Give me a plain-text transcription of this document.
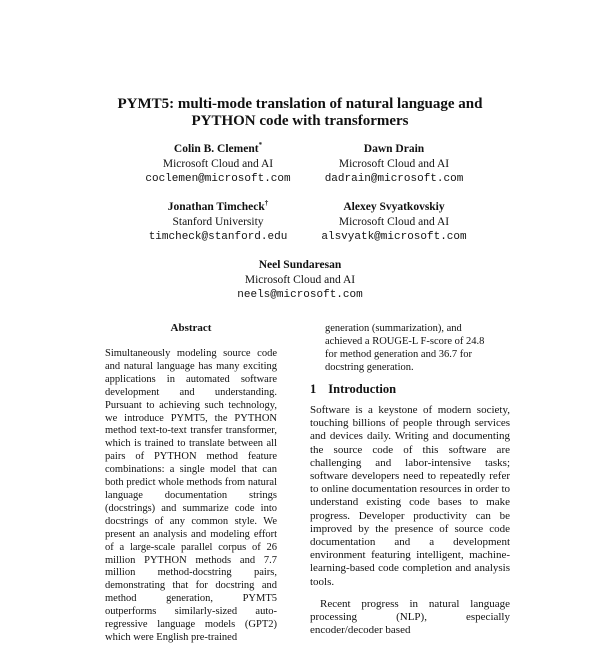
PYMT5: multi-mode translation of natural language and
PYTHON code with transformers
Colin B. Clement*
Microsoft Cloud and AI
coclemen@microsoft.com
Dawn Drain
Microsoft Cloud and AI
dadrain@microsoft.com
Jonathan Timcheck†
Stanford University
timcheck@stanford.edu
Alexey Svyatkovskiy
Microsoft Cloud and AI
alsvyatk@microsoft.com
Neel Sundaresan
Microsoft Cloud and AI
neels@microsoft.com
Abstract
Simultaneously modeling source code and natural language has many exciting applications in automated software development and understanding. Pursuant to achieving such technology, we introduce PYMT5, the PYTHON method text-to-text transfer transformer, which is trained to translate between all pairs of PYTHON method feature combinations: a single model that can both predict whole methods from natural language documentation strings (docstrings) and summarize code into docstrings of any common style. We present an analysis and modeling effort of a large-scale parallel corpus of 26 million PYTHON methods and 7.7 million method-docstring pairs, demonstrating that for docstring and method generation, PYMT5 outperforms similarly-sized auto-regressive language models (GPT2) which were English pre-trained
generation (summarization), and achieved a ROUGE-L F-score of 24.8 for method generation and 36.7 for docstring generation.
1 Introduction

Software is a keystone of modern society, touching billions of people through services and devices daily. Writing and documenting the source code of this software are challenging and labor-intensive tasks; software developers need to repeatedly refer to online documentation resources in order to understand existing code bases to make progress. Developer productivity can be improved by the presence of source code documentation and a development environment featuring intelligent, machine-learning-based code completion and analysis tools.

Recent progress in natural language processing (NLP), especially encoder/decoder based
